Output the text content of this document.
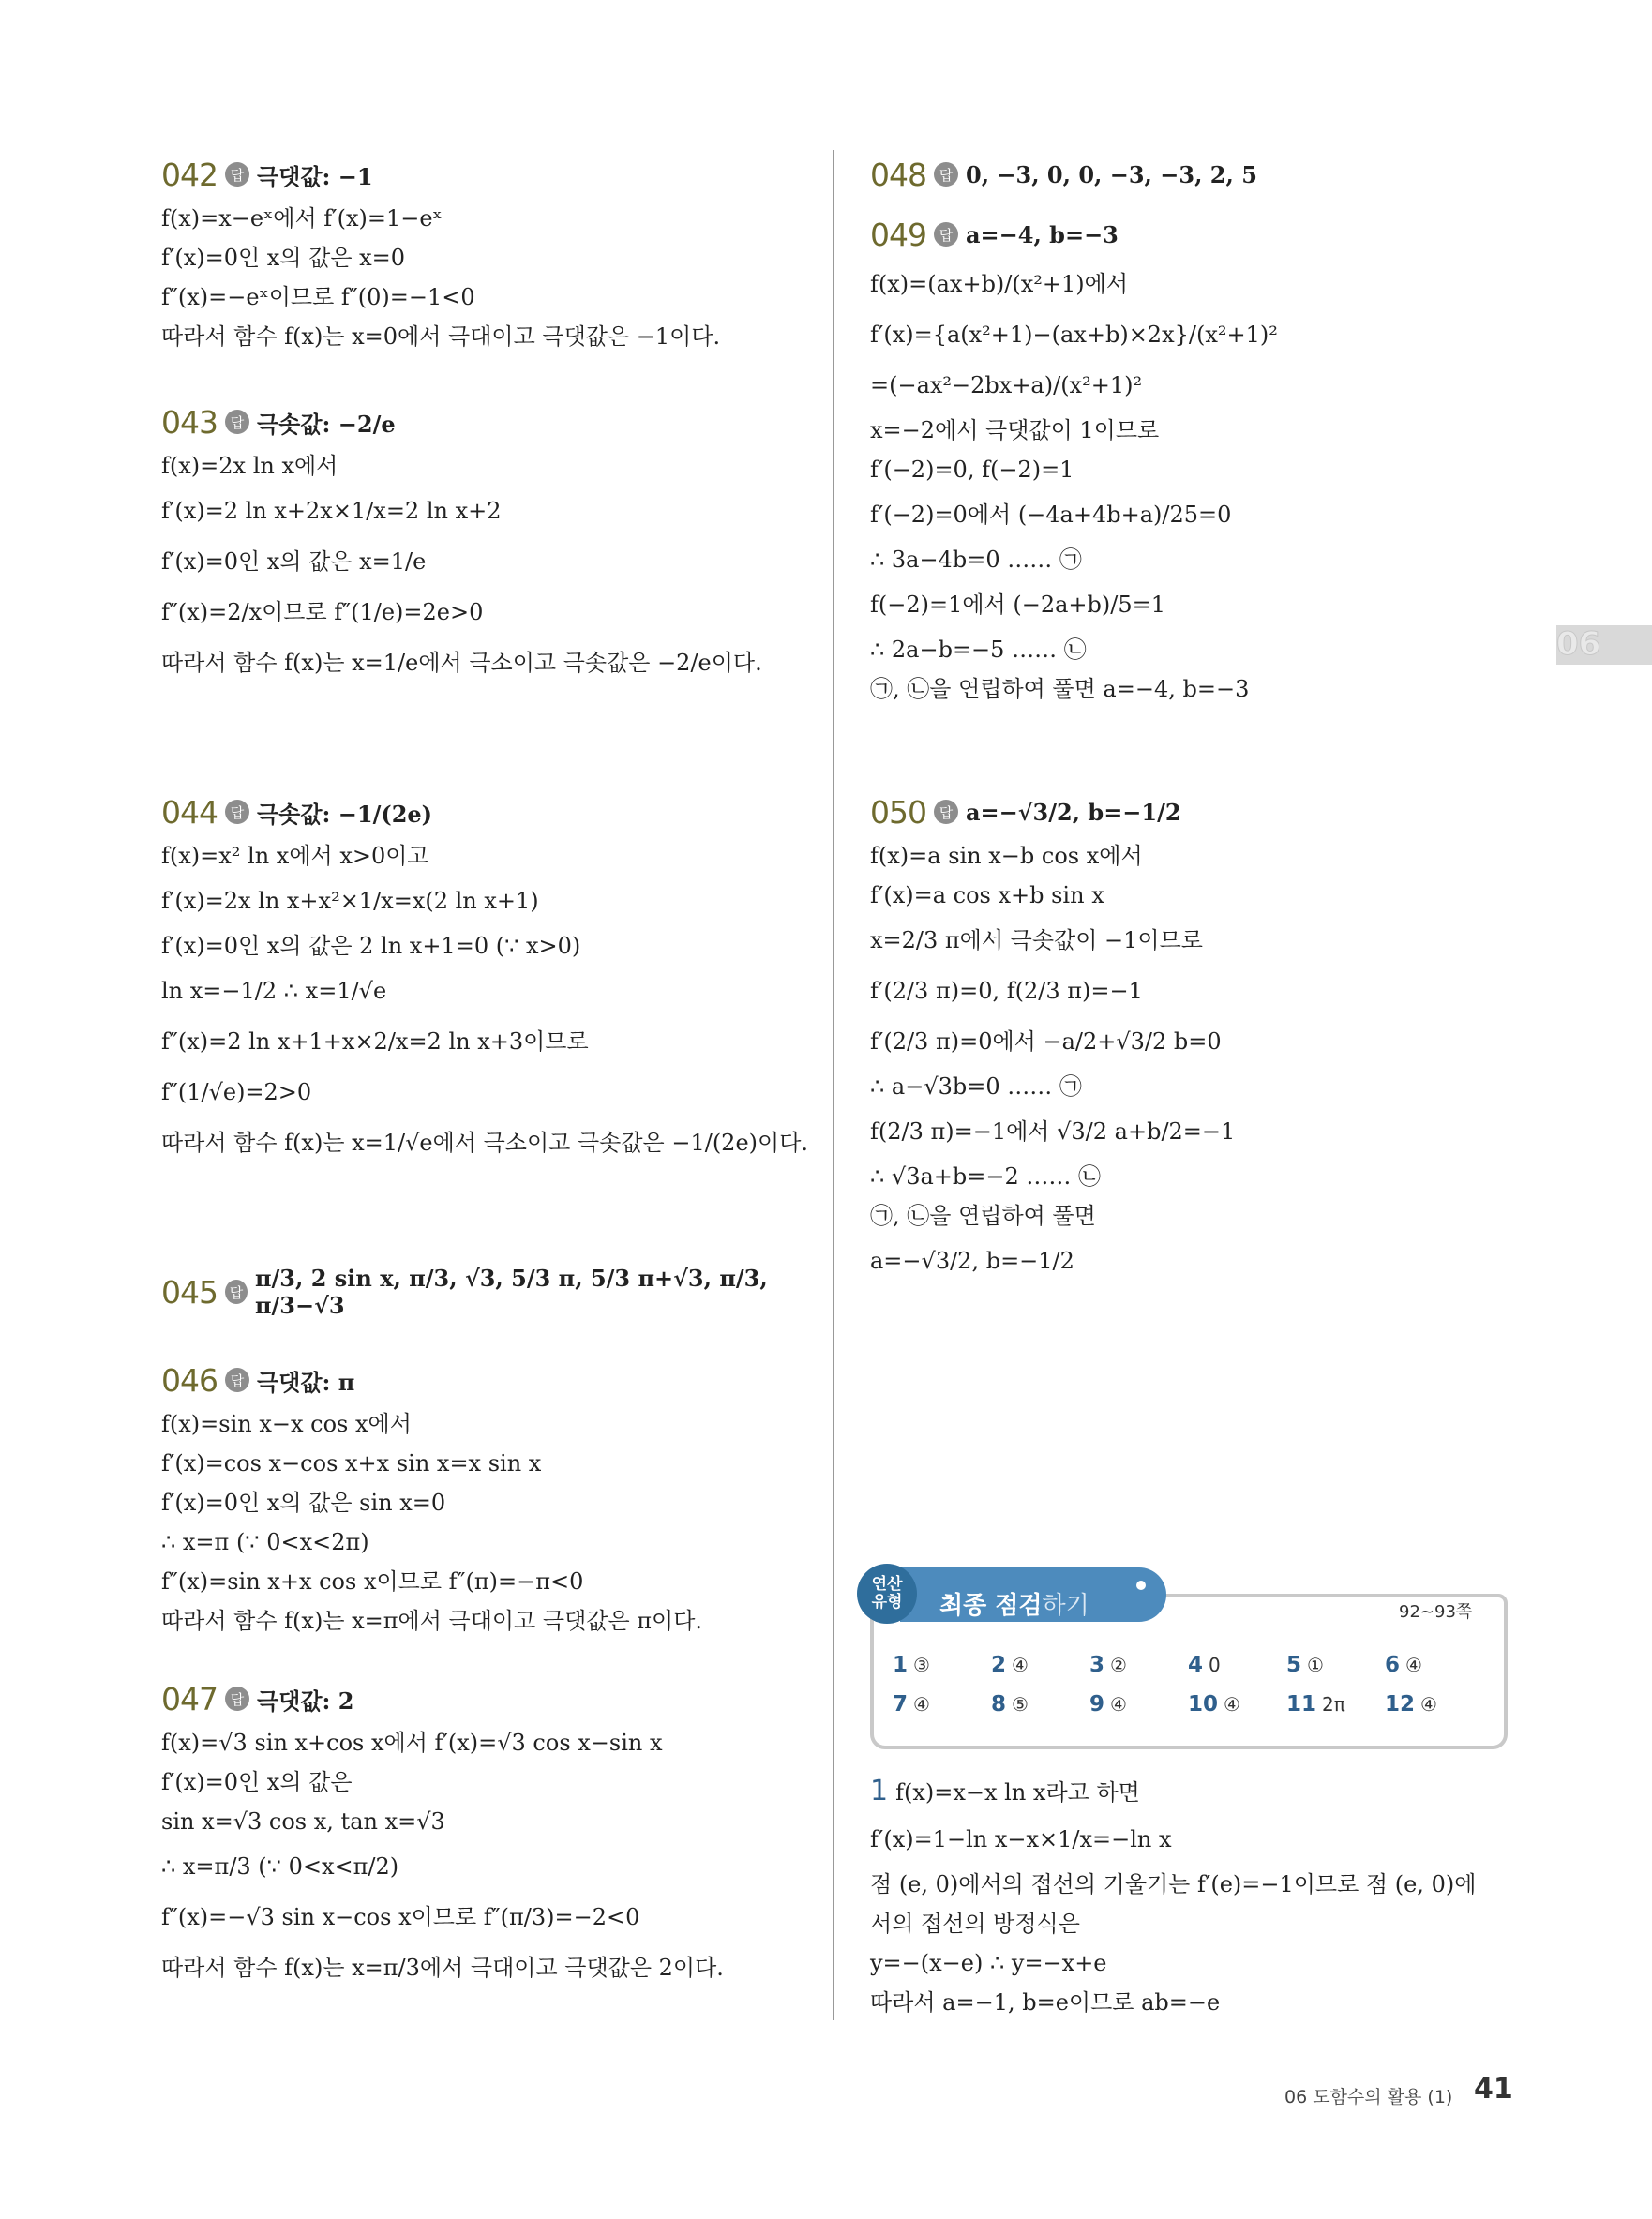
042 답 극댓값: −1
f(x)=x−eˣ에서 f′(x)=1−eˣ
f′(x)=0인 x의 값은 x=0
f″(x)=−eˣ이므로 f″(0)=−1<0
따라서 함수 f(x)는 x=0에서 극대이고 극댓값은 −1이다.
043 답 극솟값: −2/e
f(x)=2x ln x에서
f′(x)=2 ln x+2x×1/x=2 ln x+2
f′(x)=0인 x의 값은 x=1/e
f″(x)=2/x이므로 f″(1/e)=2e>0
따라서 함수 f(x)는 x=1/e에서 극소이고 극솟값은 −2/e이다.
044 답 극솟값: −1/(2e)
f(x)=x² ln x에서 x>0이고
f′(x)=2x ln x+x²×1/x=x(2 ln x+1)
f′(x)=0인 x의 값은 2 ln x+1=0 (∵ x>0)
ln x=−1/2 ∴ x=1/√e
f″(x)=2 ln x+1+x×2/x=2 ln x+3이므로
f″(1/√e)=2>0
따라서 함수 f(x)는 x=1/√e에서 극소이고 극솟값은 −1/(2e)이다.
045 답
π/3, 2 sin x, π/3, √3, 5/3 π, 5/3 π+√3, π/3, π/3−√3
046 답 극댓값: π
f(x)=sin x−x cos x에서
f′(x)=cos x−cos x+x sin x=x sin x
f′(x)=0인 x의 값은 sin x=0
∴ x=π (∵ 0<x<2π)
f″(x)=sin x+x cos x이므로 f″(π)=−π<0
따라서 함수 f(x)는 x=π에서 극대이고 극댓값은 π이다.
047 답 극댓값: 2
f(x)=√3 sin x+cos x에서 f′(x)=√3 cos x−sin x
f′(x)=0인 x의 값은
sin x=√3 cos x, tan x=√3
∴ x=π/3 (∵ 0<x<π/2)
f″(x)=−√3 sin x−cos x이므로 f″(π/3)=−2<0
따라서 함수 f(x)는 x=π/3에서 극대이고 극댓값은 2이다.
048 답 0, −3, 0, 0, −3, −3, 2, 5
049 답 a=−4, b=−3
f(x)=(ax+b)/(x²+1)에서
f′(x)={a(x²+1)−(ax+b)×2x}/(x²+1)²
=(−ax²−2bx+a)/(x²+1)²
x=−2에서 극댓값이 1이므로
f′(−2)=0, f(−2)=1
f′(−2)=0에서 (−4a+4b+a)/25=0
∴ 3a−4b=0 …… ㉠
f(−2)=1에서 (−2a+b)/5=1
∴ 2a−b=−5 …… ㉡
㉠, ㉡을 연립하여 풀면 a=−4, b=−3
050 답 a=−√3/2, b=−1/2
f(x)=a sin x−b cos x에서
f′(x)=a cos x+b sin x
x=2/3 π에서 극솟값이 −1이므로
f′(2/3 π)=0, f(2/3 π)=−1
f′(2/3 π)=0에서 −a/2+√3/2 b=0
∴ a−√3b=0 …… ㉠
f(2/3 π)=−1에서 √3/2 a+b/2=−1
∴ √3a+b=−2 …… ㉡
㉠, ㉡을 연립하여 풀면
a=−√3/2, b=−1/2
06
연산
유형 최종 점검하기	92~93쪽
1 ③	2 ④	3 ②	4 0	5 ①	6 ④
7 ④	8 ⑤	9 ④	10 ④	11 2π	12 ④
1 f(x)=x−x ln x라고 하면
f′(x)=1−ln x−x×1/x=−ln x
점 (e, 0)에서의 접선의 기울기는 f′(e)=−1이므로 점 (e, 0)에
서의 접선의 방정식은
y=−(x−e) ∴ y=−x+e
따라서 a=−1, b=e이므로 ab=−e
06 도함수의 활용 (1) 41
